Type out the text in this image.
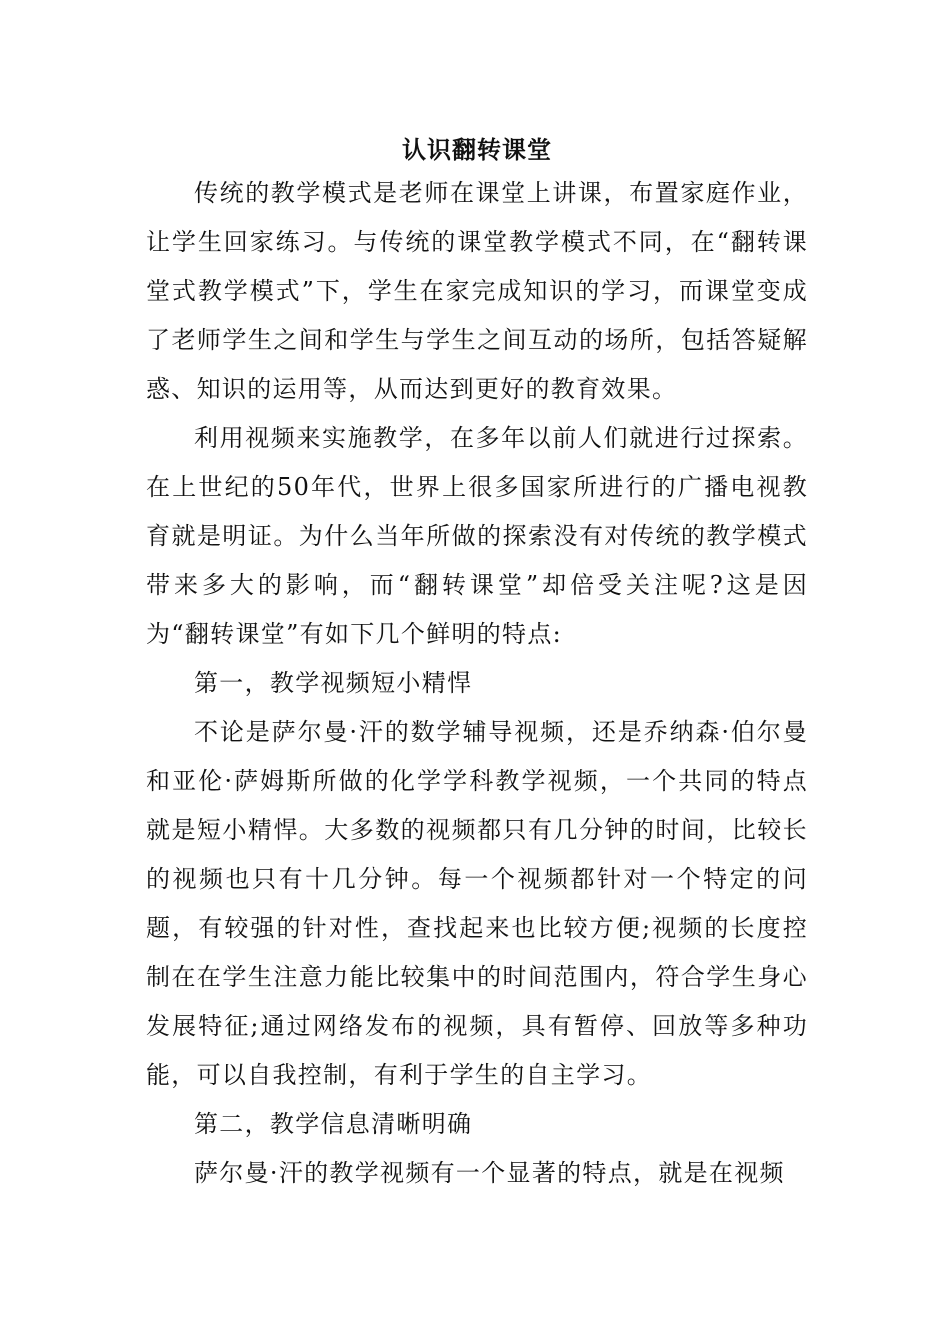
认识翻转课堂

传统的教学模式是老师在课堂上讲课，布置家庭作业，让学生回家练习。与传统的课堂教学模式不同，在“翻转课堂式教学模式”下，学生在家完成知识的学习，而课堂变成了老师学生之间和学生与学生之间互动的场所，包括答疑解惑、知识的运用等，从而达到更好的教育效果。

利用视频来实施教学，在多年以前人们就进行过探索。在上世纪的50年代，世界上很多国家所进行的广播电视教育就是明证。为什么当年所做的探索没有对传统的教学模式带来多大的影响，而“翻转课堂”却倍受关注呢?这是因为“翻转课堂”有如下几个鲜明的特点:

第一，教学视频短小精悍

不论是萨尔曼·汗的数学辅导视频，还是乔纳森·伯尔曼和亚伦·萨姆斯所做的化学学科教学视频，一个共同的特点就是短小精悍。大多数的视频都只有几分钟的时间，比较长的视频也只有十几分钟。每一个视频都针对一个特定的问题，有较强的针对性，查找起来也比较方便;视频的长度控制在在学生注意力能比较集中的时间范围内，符合学生身心发展特征;通过网络发布的视频，具有暂停、回放等多种功能，可以自我控制，有利于学生的自主学习。

第二，教学信息清晰明确

萨尔曼·汗的教学视频有一个显著的特点，就是在视频
